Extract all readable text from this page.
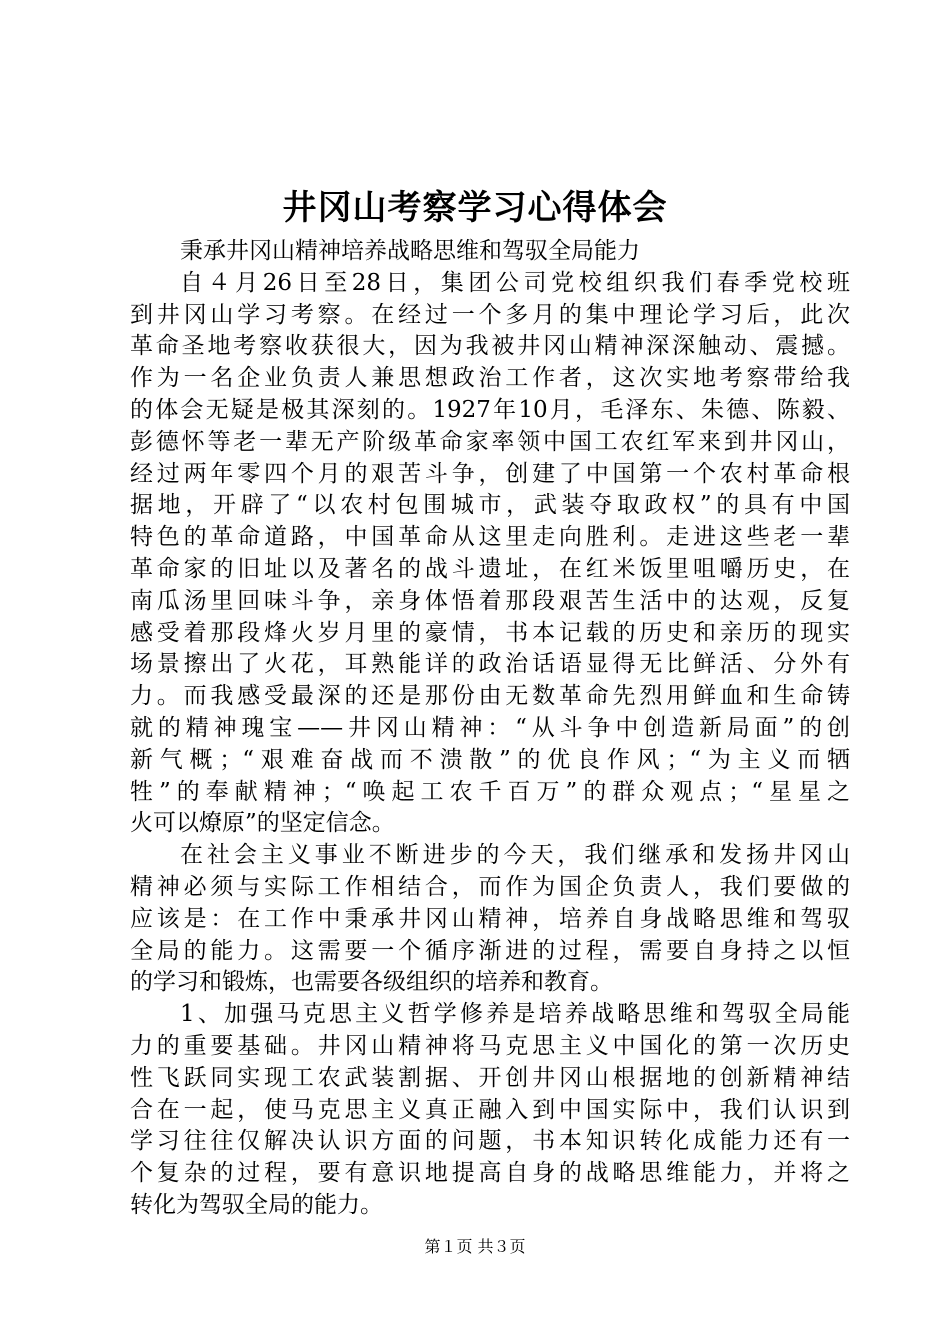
井冈山考察学习心得体会
秉承井冈山精神培养战略思维和驾驭全局能力
自４月26日至28日，集团公司党校组织我们春季党校班
到井冈山学习考察。在经过一个多月的集中理论学习后，此次
革命圣地考察收获很大，因为我被井冈山精神深深触动、震撼。
作为一名企业负责人兼思想政治工作者，这次实地考察带给我
的体会无疑是极其深刻的。1927年10月，毛泽东、朱德、陈毅、
彭德怀等老一辈无产阶级革命家率领中国工农红军来到井冈山，
经过两年零四个月的艰苦斗争，创建了中国第一个农村革命根
据地，开辟了“以农村包围城市，武装夺取政权”的具有中国
特色的革命道路，中国革命从这里走向胜利。走进这些老一辈
革命家的旧址以及著名的战斗遗址，在红米饭里咀嚼历史，在
南瓜汤里回味斗争，亲身体悟着那段艰苦生活中的达观，反复
感受着那段烽火岁月里的豪情，书本记载的历史和亲历的现实
场景擦出了火花，耳熟能详的政治话语显得无比鲜活、分外有
力。而我感受最深的还是那份由无数革命先烈用鲜血和生命铸
就的精神瑰宝——井冈山精神：“从斗争中创造新局面”的创
新气概；“艰难奋战而不溃散”的优良作风；“为主义而牺
牲”的奉献精神；“唤起工农千百万”的群众观点；“星星之
火可以燎原”的坚定信念。
在社会主义事业不断进步的今天，我们继承和发扬井冈山
精神必须与实际工作相结合，而作为国企负责人，我们要做的
应该是：在工作中秉承井冈山精神，培养自身战略思维和驾驭
全局的能力。这需要一个循序渐进的过程，需要自身持之以恒
的学习和锻炼，也需要各级组织的培养和教育。
1、加强马克思主义哲学修养是培养战略思维和驾驭全局能
力的重要基础。井冈山精神将马克思主义中国化的第一次历史
性飞跃同实现工农武装割据、开创井冈山根据地的创新精神结
合在一起，使马克思主义真正融入到中国实际中，我们认识到
学习往往仅解决认识方面的问题，书本知识转化成能力还有一
个复杂的过程，要有意识地提高自身的战略思维能力，并将之
转化为驾驭全局的能力。
第１页 共３页
